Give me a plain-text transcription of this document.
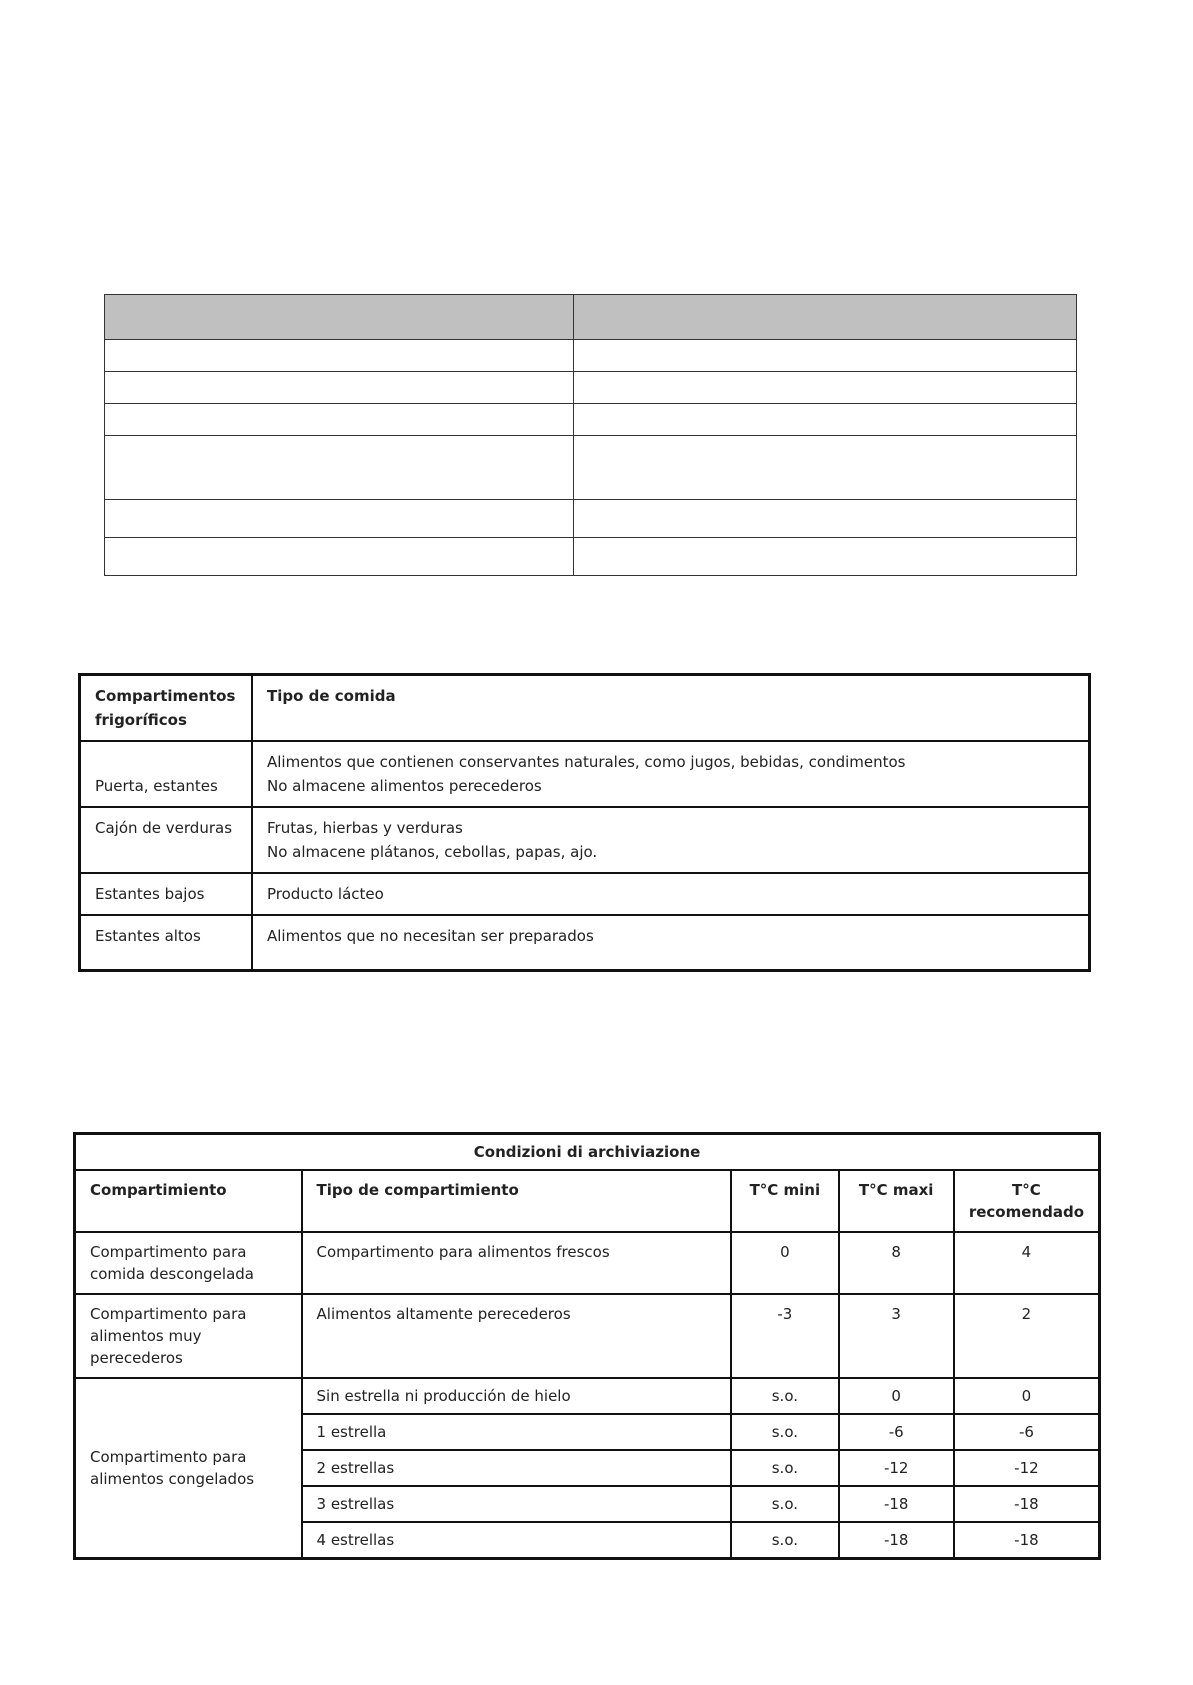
Compartimentos frigoríficos	Tipo de comida
Puerta, estantes	Alimentos que contienen conservantes naturales, como jugos, bebidas, condimentos
No almacene alimentos perecederos

Cajón de verduras	Frutas, hierbas y verduras
No almacene plátanos, cebollas, papas, ajo.

Estantes bajos	Producto lácteo

Estantes altos	Alimentos que no necesitan ser preparados
Condizioni di archiviazione				
Compartimiento	Tipo de compartimiento	T°C mini	T°C maxi	T°C recomendado
Compartimento para comida descongelada	Compartimento para alimentos frescos	0	8	4
Compartimento para alimentos muy perecederos	Alimentos altamente perecederos	-3	3	2
Compartimento para alimentos congelados	Sin estrella ni producción de hielo	s.o.	0	0
	1 estrella	s.o.	-6	-6
	2 estrellas	s.o.	-12	-12
	3 estrellas	s.o.	-18	-18
	4 estrellas	s.o.	-18	-18
